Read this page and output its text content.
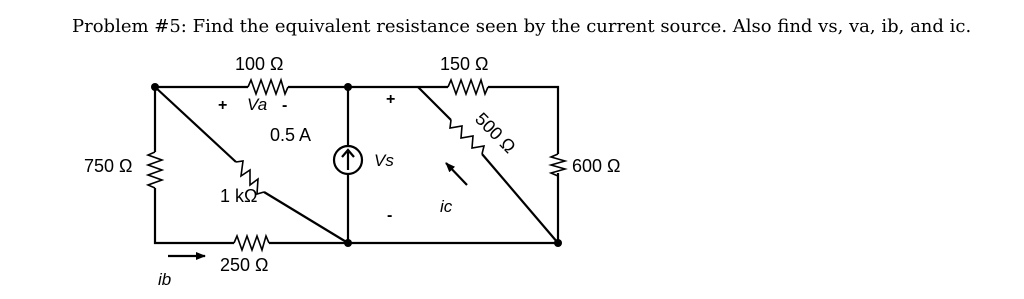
Problem #5: Find the equivalent resistance seen by the current source. Also find vs, va, ib, and ic.
100 Ω	150 Ω
750 Ω	600 Ω
1 kΩ
250 Ω
500 Ω
0.5 A
+ Va -	+
Vs
-
ib
ic
